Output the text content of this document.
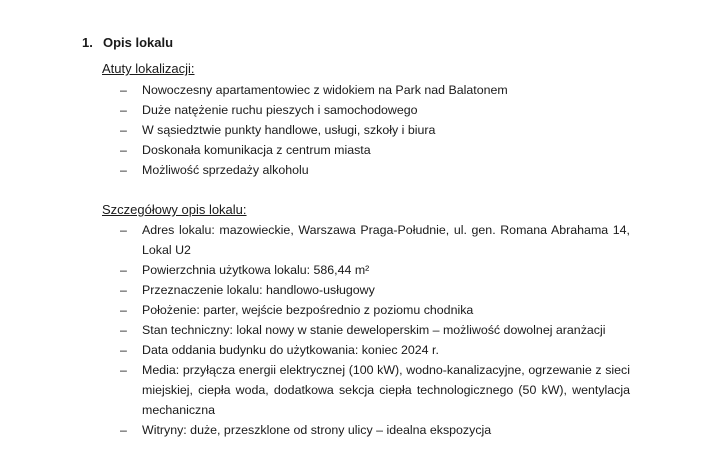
1. Opis lokalu
Atuty lokalizacji:
– Nowoczesny apartamentowiec z widokiem na Park nad Balatonem
– Duże natężenie ruchu pieszych i samochodowego
– W sąsiedztwie punkty handlowe, usługi, szkoły i biura
– Doskonała komunikacja z centrum miasta
– Możliwość sprzedaży alkoholu
Szczegółowy opis lokalu:
– Adres lokalu: mazowieckie, Warszawa Praga-Południe, ul. gen. Romana Abrahama 14, Lokal U2
– Powierzchnia użytkowa lokalu: 586,44 m²
– Przeznaczenie lokalu: handlowo-usługowy
– Położenie: parter, wejście bezpośrednio z poziomu chodnika
– Stan techniczny: lokal nowy w stanie deweloperskim – możliwość dowolnej aranżacji
– Data oddania budynku do użytkowania: koniec 2024 r.
– Media: przyłącza energii elektrycznej (100 kW), wodno-kanalizacyjne, ogrzewanie z sieci miejskiej, ciepła woda, dodatkowa sekcja ciepła technologicznego (50 kW), wentylacja mechaniczna
– Witryny: duże, przeszklone od strony ulicy – idealna ekspozycja
